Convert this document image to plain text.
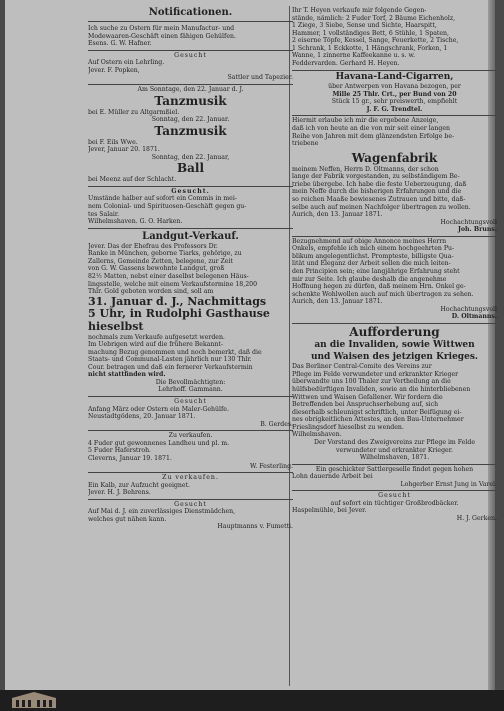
Notificationen.
Ich suche zu Ostern für mein Manufactur- und
Modewaaren-Geschäft einen fähigen Gehülfen.
Esens. G. W. Hafner.
Gesucht
Auf Ostern ein Lehrling.
Jever. F. Popken,
Sattler und Tapezier.
Am Sonntage, den 22. Januar d. J.
Tanzmusik
bei E. Müller zu Altgarmßiel.
Sonntag, den 22. Januar.
Tanzmusik
bei F. Eils Wwe.
Jever, Januar 20. 1871.
Sonntag, den 22. Januar,
Ball
bei Meenz auf der Schlacht.
Gesucht.
Umstände halber auf sofort ein Commis in mei-
nem Colonial- und Spirituosen-Geschäft gegen gu-
tes Salair.
Wilhelmshaven. G. O. Harken.
Landgut-Verkauf.
Jever. Das der Ehefrau des Professors Dr.
Ranke in München, geborne Tiarks, gehörige, zu
Zallerns, Gemeinde Zetten, belegene, zur Zeit
von G. W. Gassens bewohnte Landgut, groß
82½ Matten, nebst einer daselbst belegenen Häus-
lingsstelle, welche mit einem Verkaufstermine 18,200
Thlr. Gold geboten worden sind, soll am
31. Januar d. J., Nachmittags
5 Uhr, in Rudolphi Gasthause
hieselbst
nochmals zum Verkaufe aufgesetzt werden.
Im Uebrigen wird auf die frühere Bekannt-
machung Bezug genommen und noch bemerkt, daß die
Staats- und Communal-Lasten jährlich nur 130 Thlr.
Cour. betragen und daß ein fernerer Verkaufstermin
nicht stattfinden wird.
Die Bevollmächtigten:
Lehrhoff. Gammann.
Gesucht
Anfang März oder Ostern ein Maler-Gehülfe.
Neustadtgödens, 20. Januar 1871.
B. Gerdes.
Zu verkaufen.
4 Fuder gut gewonnenes Landheu und pl. m.
5 Fuder Haferstroh.
Cleverns, Januar 19. 1871.
W. Festerling.
Zu verkaufen.
Ein Kalb, zur Aufzucht geeignet.
Jever. H. J. Behrens.
Gesucht
Auf Mai d. J. ein zuverlässiges Dienstmädchen,
welches gut nähen kann.
Hauptmanns v. Fumetti.
Ihr T. Heyen verkaufe mir folgende Gegen-
stände, nämlich: 2 Fuder Torf, 2 Bäume Eichenholz,
1 Ziege, 3 Siebe, Sense und Sichte, Haarspitt,
Hammer, 1 vollständiges Bett, 6 Stühle, 1 Spaten,
2 eiserne Töpfe, Kessel, Sange, Feuerkette, 2 Tische,
1 Schrank, 1 Eckkotte, 1 Hängschrank, Forken, 1
Wanne, 1 zinnerne Kaffeekanne u. s. w.
Feddervarden. Gerhard H. Heyen.
Havana-Land-Cigarren,
über Antwerpen von Havana bezogen, per
Mille 25 Thlr. Crt., per Bund von 20
Stück 15 gr., sehr preiswerth, empfiehlt
J. F. G. Trendtel.
Hiermit erlaube ich mir die ergebene Anzeige,
daß ich von heute an die von mir seit einer langen
Reihe von Jahren mit dem glänzendsten Erfolge be-
triebene
Wagenfabrik
meinem Neffen, Herrn D. Oltmanns, der schon
lange der Fabrik vorgestanden, zu selbständigem Be-
triebe übergebe. Ich habe die feste Ueberzeugung, daß
mein Neffe durch die bisherigen Erfahrungen und die
so reichen Maaße bewiesenes Zutrauen und bitte, daß-
selbe auch auf meinen Nachfolger übertragen zu wollen.
Aurich, den 13. Januar 1871.
Hochachtungsvoll
Joh. Bruns.
Bezugnehmend auf obige Annonce meines Herrn
Onkels, empfehle ich mich einem hochgeehrten Pu-
blikum angelegentlichst. Prompteste, billigste Qua-
lität und Eleganz der Arbeit sollen die mich leiten-
den Principien sein; eine langjährige Erfahrung steht
mir zur Seite. Ich glaube deshalb die angenehme
Hoffnung hegen zu dürfen, daß meinem Hrn. Onkel ge-
schenkte Wohlwollen auch auf mich übertragen zu sehen.
Aurich, den 13. Januar 1871.
Hochachtungsvoll
D. Oltmanns.
Aufforderung
an die Invaliden, sowie Wittwen
und Waisen des jetzigen Krieges.
Das Berliner Central-Comite des Vereins zur
Pflege im Felde verwundeter und erkrankter Krieger
überwandte uns 100 Thaler zur Vertheilung an die
hülfsbedürftigen Invaliden, sowie an die hinterbliebenen
Wittwen und Waisen Gefallener. Wir fordern die
Betreffenden bei Anspruchserhebung auf, sich
dieserhalb schleunigst schriftlich, unter Beifügung ei-
nes obrigkeitlichen Attestes, an den Bau-Unternehmer
Frieslingsdorf hieselbst zu wenden.
Wilhelmshaven.
Der Vorstand des Zweigvereins zur Pflege im Felde
verwundeter und erkrankter Krieger.
Wilhelmshaven, 1871.
Ein geschickter Sattlergeselle findet gegen hohen
Lohn dauernde Arbeit bei
Lohgerber Ernst Jung in Varel.
Gesucht
auf sofort ein tüchtiger Großbrodbäcker.
Haspelmühle, bei Jever.
H. J. Gerken.
